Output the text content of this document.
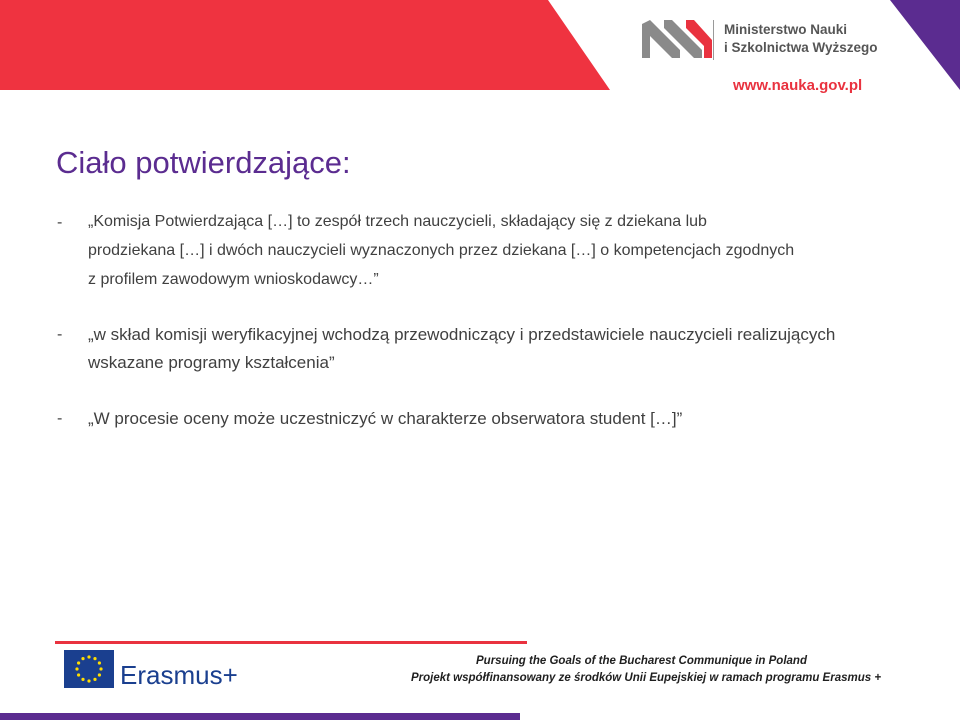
Ministerstwo Nauki
i Szkolnictwa Wyższego
www.nauka.gov.pl
Ciało potwierdzające:
- „Komisja Potwierdzająca […] to zespół trzech nauczycieli, składający się z dziekana lub
prodziekana […] i dwóch nauczycieli wyznaczonych przez dziekana […] o kompetencjach zgodnych
z profilem zawodowym wnioskodawcy…”
- „w skład komisji weryfikacyjnej wchodzą przewodniczący i przedstawiciele nauczycieli realizujących
wskazane programy kształcenia”
- „W procesie oceny może uczestniczyć w charakterze obserwatora student […]”
Erasmus+	Pursuing the Goals of the Bucharest Communique in Poland
Projekt współfinansowany ze środków Unii Eupejskiej w ramach programu Erasmus +
